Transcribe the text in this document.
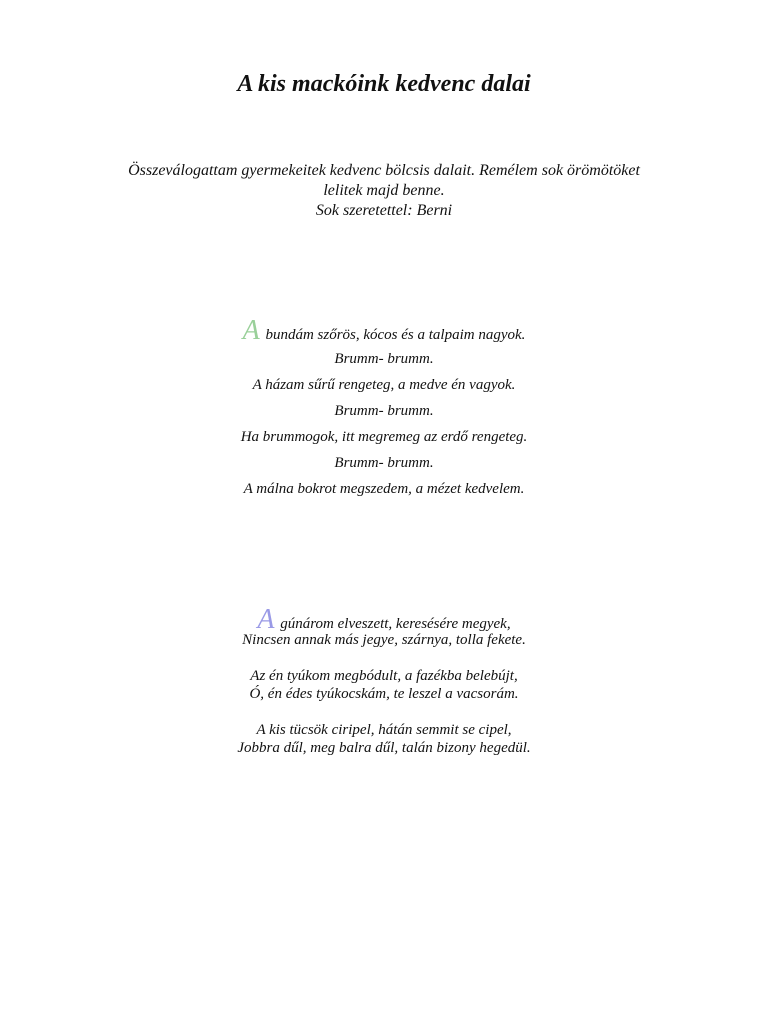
A kis mackóink kedvenc dalai
Összeválogattam gyermekeitek kedvenc bölcsis dalait. Remélem sok örömötöket
lelitek majd benne.
Sok szeretettel: Berni
A bundám szőrös, kócos és a talpaim nagyok.
Brumm- brumm.
A házam sűrű rengeteg, a medve én vagyok.
Brumm- brumm.
Ha brummogok, itt megremeg az erdő rengeteg.
Brumm- brumm.
A málna bokrot megszedem, a mézet kedvelem.
A gúnárom elveszett, keresésére megyek,
Nincsen annak más jegye, szárnya, tolla fekete.
Az én tyúkom megbódult, a fazékba belebújt,
Ó, én édes tyúkocskám, te leszel a vacsorám.
A kis tücsök ciripel, hátán semmit se cipel,
Jobbra dűl, meg balra dűl, talán bizony hegedül.
